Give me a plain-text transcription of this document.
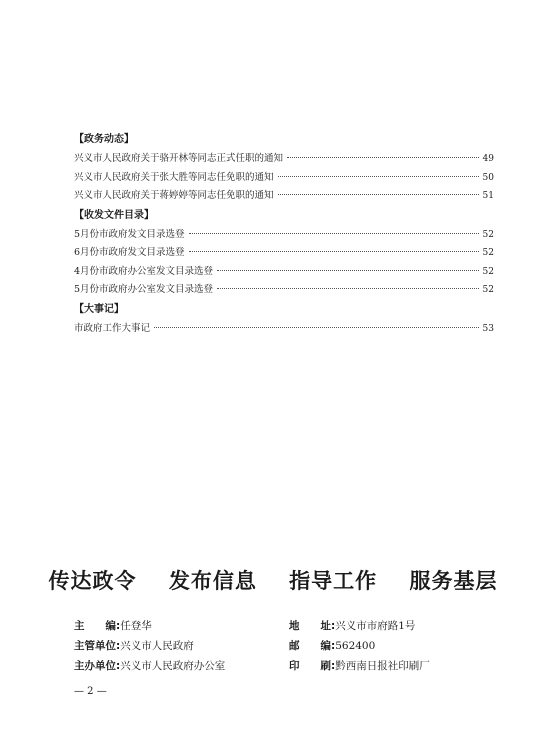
【政务动态】
兴义市人民政府关于骆开林等同志正式任职的通知	49
兴义市人民政府关于张大胜等同志任免职的通知	50
兴义市人民政府关于蒋婷婷等同志任免职的通知	51
【收发文件目录】
5月份市政府发文目录选登	52
6月份市政府发文目录选登	52
4月份市政府办公室发文目录选登	52
5月份市政府办公室发文目录选登	52
【大事记】
市政府工作大事记	53
传达政令 发布信息 指导工作 服务基层
主　　编:任登华	地　　址:兴义市市府路1号
主管单位:兴义市人民政府	邮　　编:562400
主办单位:兴义市人民政府办公室	印　　刷:黔西南日报社印刷厂
— 2 —
